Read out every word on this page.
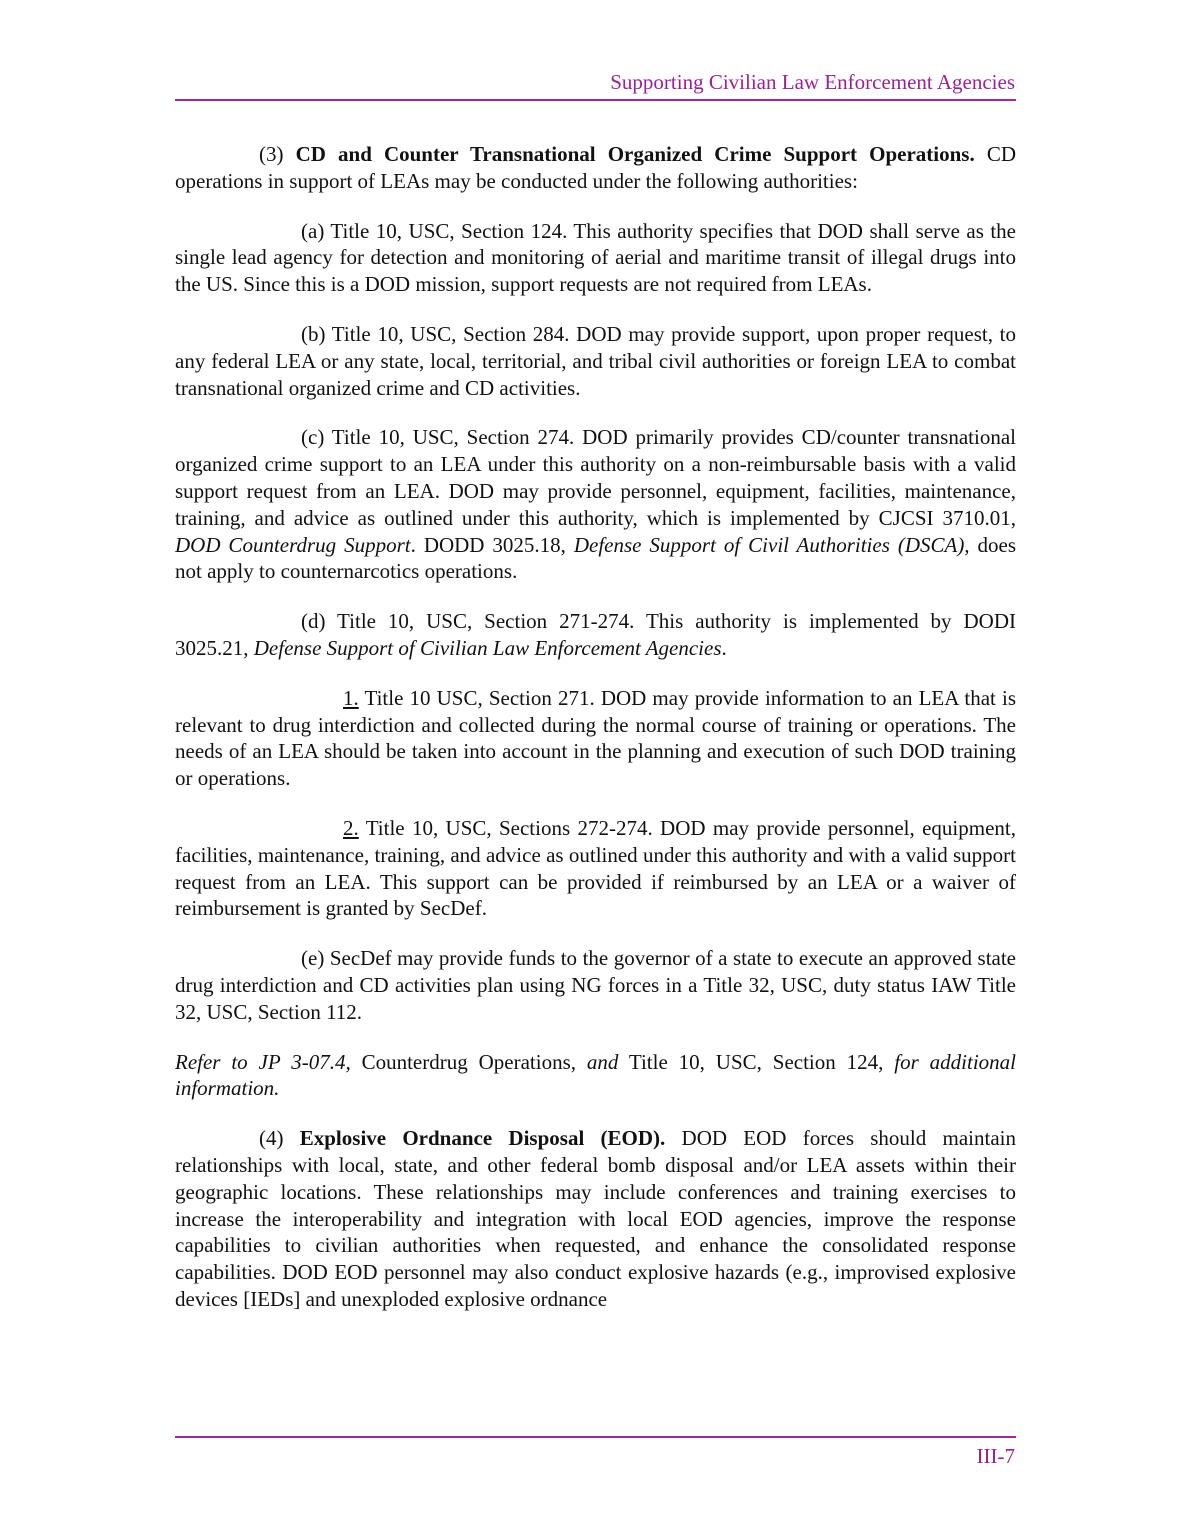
Supporting Civilian Law Enforcement Agencies

(3) CD and Counter Transnational Organized Crime Support Operations. CD operations in support of LEAs may be conducted under the following authorities:

(a) Title 10, USC, Section 124. This authority specifies that DOD shall serve as the single lead agency for detection and monitoring of aerial and maritime transit of illegal drugs into the US. Since this is a DOD mission, support requests are not required from LEAs.

(b) Title 10, USC, Section 284. DOD may provide support, upon proper request, to any federal LEA or any state, local, territorial, and tribal civil authorities or foreign LEA to combat transnational organized crime and CD activities.

(c) Title 10, USC, Section 274. DOD primarily provides CD/counter transnational organized crime support to an LEA under this authority on a non-reimbursable basis with a valid support request from an LEA. DOD may provide personnel, equipment, facilities, maintenance, training, and advice as outlined under this authority, which is implemented by CJCSI 3710.01, DOD Counterdrug Support. DODD 3025.18, Defense Support of Civil Authorities (DSCA), does not apply to counternarcotics operations.

(d) Title 10, USC, Section 271-274. This authority is implemented by DODI 3025.21, Defense Support of Civilian Law Enforcement Agencies.

1. Title 10 USC, Section 271. DOD may provide information to an LEA that is relevant to drug interdiction and collected during the normal course of training or operations. The needs of an LEA should be taken into account in the planning and execution of such DOD training or operations.

2. Title 10, USC, Sections 272-274. DOD may provide personnel, equipment, facilities, maintenance, training, and advice as outlined under this authority and with a valid support request from an LEA. This support can be provided if reimbursed by an LEA or a waiver of reimbursement is granted by SecDef.

(e) SecDef may provide funds to the governor of a state to execute an approved state drug interdiction and CD activities plan using NG forces in a Title 32, USC, duty status IAW Title 32, USC, Section 112.

Refer to JP 3-07.4, Counterdrug Operations, and Title 10, USC, Section 124, for additional information.

(4) Explosive Ordnance Disposal (EOD). DOD EOD forces should maintain relationships with local, state, and other federal bomb disposal and/or LEA assets within their geographic locations. These relationships may include conferences and training exercises to increase the interoperability and integration with local EOD agencies, improve the response capabilities to civilian authorities when requested, and enhance the consolidated response capabilities. DOD EOD personnel may also conduct explosive hazards (e.g., improvised explosive devices [IEDs] and unexploded explosive ordnance

III-7
